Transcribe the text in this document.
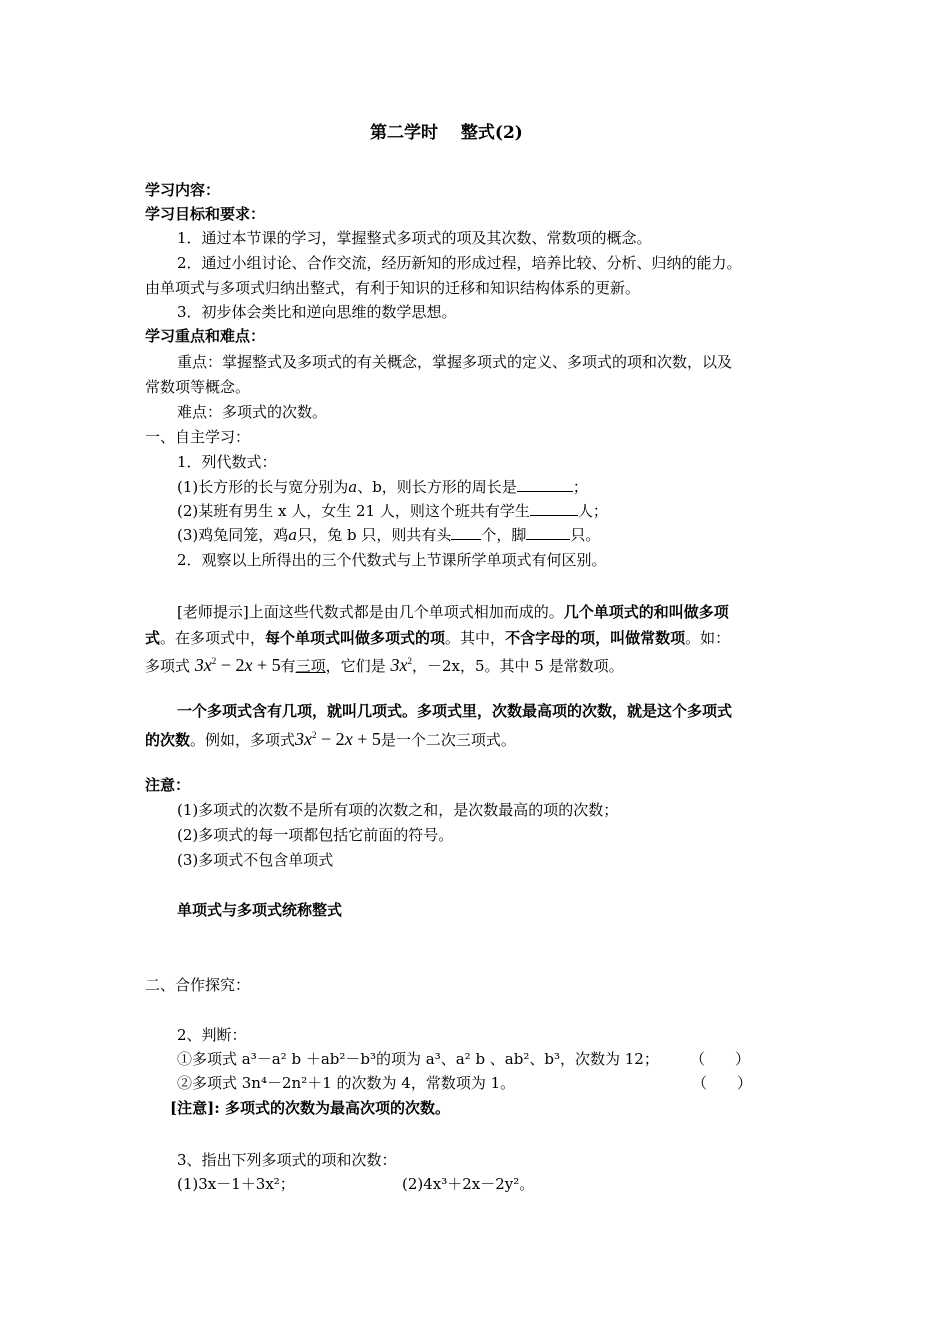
第二学时　 整式(2)
学习内容：
学习目标和要求：
1．通过本节课的学习，掌握整式多项式的项及其次数、常数项的概念。
2．通过小组讨论、合作交流，经历新知的形成过程，培养比较、分析、归纳的能力。
由单项式与多项式归纳出整式，有利于知识的迁移和知识结构体系的更新。
3．初步体会类比和逆向思维的数学思想。
学习重点和难点：
重点：掌握整式及多项式的有关概念，掌握多项式的定义、多项式的项和次数，以及
常数项等概念。
难点：多项式的次数。
一、自主学习：
1．列代数式：
(1)长方形的长与宽分别为a、b，则长方形的周长是	；
(2)某班有男生 x 人，女生 21 人，则这个班共有学生	人；
(3)鸡兔同笼，鸡a只，兔 b 只，则共有头 个，脚	只。
2．观察以上所得出的三个代数式与上节课所学单项式有何区别。
[老师提示]上面这些代数式都是由几个单项式相加而成的。几个单项式的和叫做多项
式。在多项式中，每个单项式叫做多项式的项。其中，不含字母的项，叫做常数项。如：
多项式 $3x^2 - 2x + 5$有三项，它们是 $3x^2$，－2x，5。其中 5 是常数项。
一个多项式含有几项，就叫几项式。多项式里，次数最高项的次数，就是这个多项式
的次数。例如，多项式$3x^2 - 2x + 5$是一个二次三项式。
注意：
(1)多项式的次数不是所有项的次数之和，是次数最高的项的次数；
(2)多项式的每一项都包括它前面的符号。
(3)多项式不包含单项式
单项式与多项式统称整式
二、合作探究：
2、判断：
①多项式 a³－a² b ＋ab²－b³的项为 a³、a² b 、ab²、b³，次数为 12； （　　）
②多项式 3n⁴－2n²＋1 的次数为 4，常数项为 1。	（　　）
[注意]: 多项式的次数为最高次项的次数。
3、指出下列多项式的项和次数：
(1)3x－1＋3x²；	(2)4x³＋2x－2y²。
